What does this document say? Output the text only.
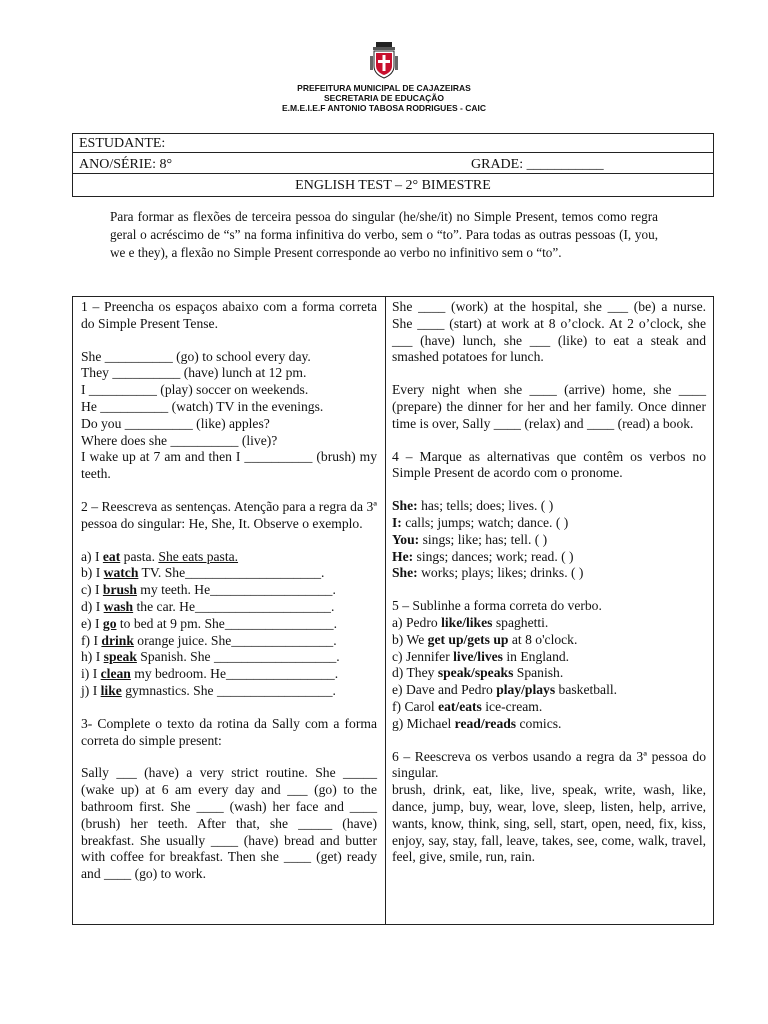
PREFEITURA MUNICIPAL DE CAJAZEIRAS
SECRETARIA DE EDUCAÇÃO
E.M.E.I.E.F ANTONIO TABOSA RODRIGUES - CAIC
ESTUDANTE:
ANO/SÉRIE: 8°	GRADE: ___________
ENGLISH TEST – 2° BIMESTRE
Para formar as flexões de terceira pessoa do singular (he/she/it) no Simple Present, temos como regra geral o acréscimo de “s” na forma infinitiva do verbo, sem o “to”. Para todas as outras pessoas (I, you, we e they), a flexão no Simple Present corresponde ao verbo no infinitivo sem o “to”.

1 – Preencha os espaços abaixo com a forma correta do Simple Present Tense.

She __________ (go) to school every day.
They __________ (have) lunch at 12 pm.
I __________ (play) soccer on weekends.
He __________ (watch) TV in the evenings.
Do you __________ (like) apples?
Where does she __________ (live)?

I wake up at 7 am and then I __________ (brush) my teeth.

2 – Reescreva as sentenças. Atenção para a regra da 3ª pessoa do singular: He, She, It. Observe o exemplo.

a) I eat pasta. She eats pasta.
b) I watch TV. She____________________.
c) I brush my teeth. He__________________.
d) I wash the car. He____________________.
e) I go to bed at 9 pm. She________________.
f) I drink orange juice. She_______________.
h) I speak Spanish. She __________________.
i) I clean my bedroom. He________________.
j) I like gymnastics. She _________________.

3- Complete o texto da rotina da Sally com a forma correta do simple present:

Sally ___ (have) a very strict routine. She _____ (wake up) at 6 am every day and ___ (go) to the bathroom first. She ____ (wash) her face and ____ (brush) her teeth. After that, she _____ (have) breakfast. She usually ____ (have) bread and butter with coffee for breakfast. Then she ____ (get) ready and ____ (go) to work.

She ____ (work) at the hospital, she ___ (be) a nurse. She ____ (start) at work at 8 o’clock. At 2 o’clock, she ___ (have) lunch, she ___ (like) to eat a steak and smashed potatoes for lunch.

Every night when she ____ (arrive) home, she ____ (prepare) the dinner for her and her family. Once dinner time is over, Sally ____ (relax) and ____ (read) a book.

4 – Marque as alternativas que contêm os verbos no Simple Present de acordo com o pronome.

She: has; tells; does; lives. ( )
I: calls; jumps; watch; dance. ( )
You: sings; like; has; tell. ( )
He: sings; dances; work; read. ( )
She: works; plays; likes; drinks. ( )

5 – Sublinhe a forma correta do verbo.
a) Pedro like/likes spaghetti.
b) We get up/gets up at 8 o'clock.
c) Jennifer live/lives in England.
d) They speak/speaks Spanish.
e) Dave and Pedro play/plays basketball.
f) Carol eat/eats ice-cream.
g) Michael read/reads comics.

6 – Reescreva os verbos usando a regra da 3ª pessoa do singular.

brush, drink, eat, like, live, speak, write, wash, like, dance, jump, buy, wear, love, sleep, listen, help, arrive, wants, know, think, sing, sell, start, open, need, fix, kiss, enjoy, say, stay, fall, leave, takes, see, come, walk, travel, feel, give, smile, run, rain.
